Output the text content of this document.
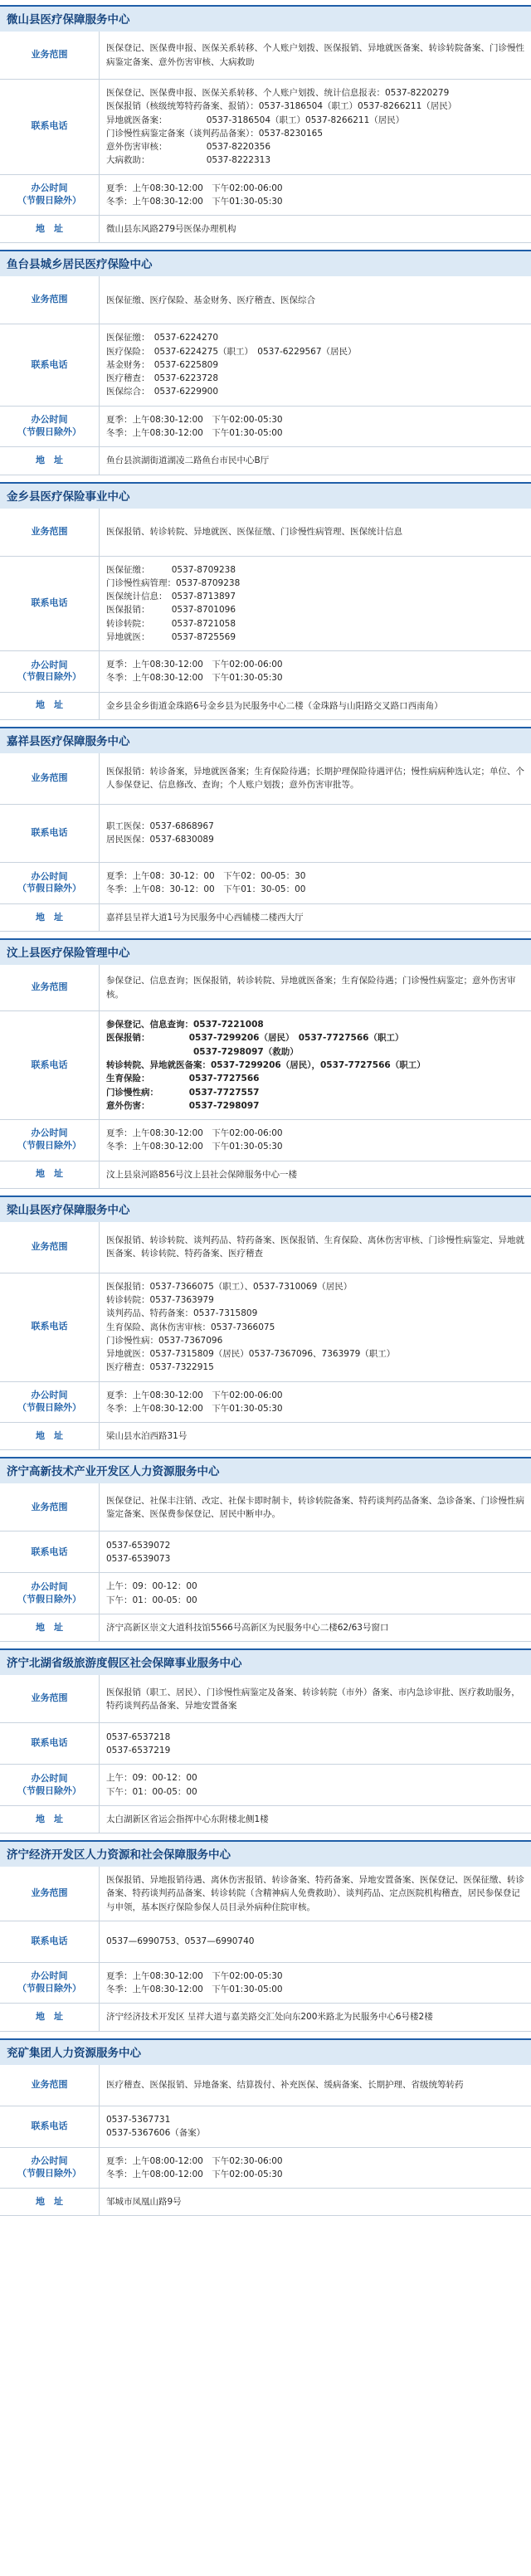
微山县医疗保障服务中心
业务范围
医保登记、医保费申报、医保关系转移、个人账户划拨、医保报销、异地就医备案、转诊转院备案、门诊慢性病鉴定备案、意外伤害审核、大病救助
联系电话
医保登记、医保费申报、医保关系转移、个人账户划拨、统计信息报表：0537-8220279
医保报销（核级统筹特药备案、报销）：0537-3186504（职工）0537-8266211（居民）
异地就医备案：　　　　　0537-3186504（职工）0537-8266211（居民）
门诊慢性病鉴定备案（谈判药品备案）：0537-8230165
意外伤害审核：　　　　　0537-8220356
大病救助：　　　　　　　0537-8222313
办公时间
（节假日除外）
夏季：上午08:30-12:00　下午02:00-06:00
冬季：上午08:30-12:00　下午01:30-05:30
地　址	微山县东风路279号医保办理机构
鱼台县城乡居民医疗保险中心
业务范围	医保征缴、医疗保险、基金财务、医疗稽查、医保综合
联系电话
医保征缴：　0537-6224270
医疗保险：　0537-6224275（职工）　0537-6229567（居民）
基金财务：　0537-6225809
医疗稽查：　0537-6223728
医保综合：　0537-6229900
办公时间
（节假日除外）
夏季：上午08:30-12:00　下午02:00-05:30
冬季：上午08:30-12:00　下午01:30-05:00
地　址	鱼台县滨湖街道湖凌二路鱼台市民中心B厅
金乡县医疗保险事业中心
业务范围	医保报销、转诊转院、异地就医、医保征缴、门诊慢性病管理、医保统计信息
联系电话
医保征缴：　　　0537-8709238
门诊慢性病管理：0537-8709238
医保统计信息：　0537-8713897
医保报销：　　　0537-8701096
转诊转院：　　　0537-8721058
异地就医：　　　0537-8725569
办公时间
（节假日除外）
夏季：上午08:30-12:00　下午02:00-06:00
冬季：上午08:30-12:00　下午01:30-05:30
地　址	金乡县金乡街道金珠路6号金乡县为民服务中心二楼（金珠路与山阳路交叉路口西南角）
嘉祥县医疗保障服务中心
业务范围
医保报销：转诊备案，异地就医备案；生育保险待遇；长期护理保险待遇评估；慢性病病种选认定；单位、个人参保登记、信息修改、查询；个人账户划拨；意外伤害审批等。
联系电话
职工医保：0537-6868967
居民医保：0537-6830089
办公时间
（节假日除外）
夏季：上午08：30-12：00　下午02：00-05：30
冬季：上午08：30-12：00　下午01：30-05：00
地　址	嘉祥县呈祥大道1号为民服务中心西辅楼二楼西大厅
汶上县医疗保险管理中心
业务范围
参保登记、信息查询；医保报销，转诊转院、异地就医备案；生育保险待遇；门诊慢性病鉴定；意外伤害审核。
联系电话
参保登记、信息查询：0537-7221008
医保报销：　　　　　0537-7299206（居民）　0537-7727566（职工）
　　　　　　　　　　0537-7298097（救助）
转诊转院、异地就医备案：0537-7299206（居民），0537-7727566（职工）
生育保险：　　　　　0537-7727566
门诊慢性病：　　　　0537-7727557
意外伤害：　　　　　0537-7298097
办公时间
（节假日除外）
夏季：上午08:30-12:00　下午02:00-06:00
冬季：上午08:30-12:00　下午01:30-05:30
地　址	汶上县泉河路856号汶上县社会保障服务中心一楼
梁山县医疗保障服务中心
业务范围
医保报销、转诊转院、谈判药品、特药备案、医保报销、生育保险、离休伤害审核、门诊慢性病鉴定、异地就医备案、转诊转院、特药备案、医疗稽查
联系电话
医保报销：0537-7366075（职工）、0537-7310069（居民）
转诊转院：0537-7363979
谈判药品、特药备案：0537-7315809
生育保险、离休伤害审核：0537-7366075
门诊慢性病：0537-7367096
异地就医：0537-7315809（居民）0537-7367096、7363979（职工）
医疗稽查：0537-7322915
办公时间
（节假日除外）
夏季：上午08:30-12:00　下午02:00-06:00
冬季：上午08:30-12:00　下午01:30-05:30
地　址	梁山县水泊西路31号
济宁高新技术产业开发区人力资源服务中心
业务范围
医保登记、社保丰注销、改定、社保卡即时制卡，转诊转院备案、特药谈判药品备案、急诊备案、门诊慢性病鉴定备案、医保费参保登记、居民中断申办。
联系电话
0537-6539072
0537-6539073
办公时间
（节假日除外）
上午：09：00-12：00
下午：01：00-05：00
地　址	济宁高新区崇文大道科技馆5566号高新区为民服务中心二楼62/63号窗口
济宁北湖省级旅游度假区社会保障事业服务中心
业务范围
医保报销（职工、居民）、门诊慢性病鉴定及备案、转诊转院（市外）备案、市内急诊审批、医疗救助服务，特药谈判药品备案、异地安置备案
联系电话
0537-6537218
0537-6537219
办公时间
（节假日除外）
上午：09：00-12：00
下午：01：00-05：00
地　址	太白湖新区省运会指挥中心东附楼北侧1楼
济宁经济开发区人力资源和社会保障服务中心
业务范围
医保报销、异地报销待遇、离休伤害报销、转诊备案、特药备案、异地安置备案、医保登记、医保征缴、转诊备案、特药谈判药品备案、转诊转院（含精神病人免费救助）、谈判药品、定点医院机构稽查，居民参保登记与申领，基本医疗保险参保人员目录外病种住院审核。
联系电话	0537—6990753、0537—6990740
办公时间
（节假日除外）
夏季：上午08:30-12:00　下午02:00-05:30
冬季：上午08:30-12:00　下午01:30-05:00
地　址	济宁经济技术开发区 呈祥大道与嘉美路交汇处向东200米路北为民服务中心6号楼2楼
兖矿集团人力资源服务中心
业务范围	医疗稽查、医保报销、异地备案、结算拨付、补充医保、缓病备案、长期护理、省级统筹转药
联系电话
0537-5367731
0537-5367606（备案）
办公时间
（节假日除外）
夏季：上午08:00-12:00　下午02:30-06:00
冬季：上午08:00-12:00　下午02:00-05:30
地　址	邹城市凤凰山路9号
